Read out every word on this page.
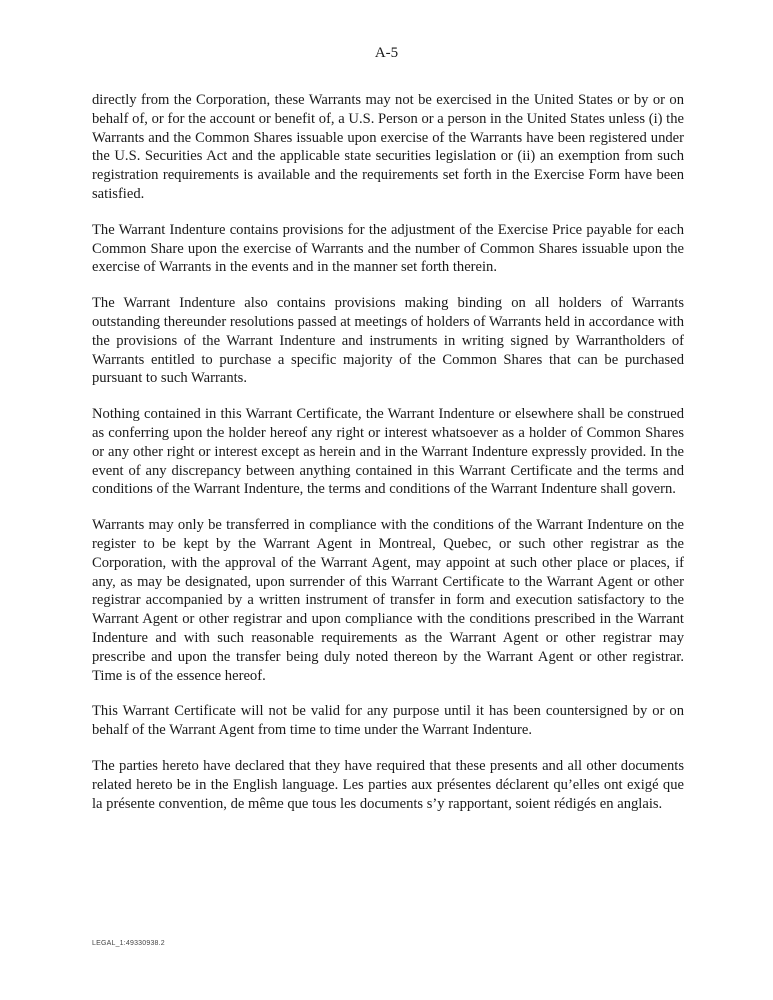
A-5

directly from the Corporation, these Warrants may not be exercised in the United States or by or on behalf of, or for the account or benefit of, a U.S. Person or a person in the United States unless (i) the Warrants and the Common Shares issuable upon exercise of the Warrants have been registered under the U.S. Securities Act and the applicable state securities legislation or (ii) an exemption from such registration requirements is available and the requirements set forth in the Exercise Form have been satisfied.

The Warrant Indenture contains provisions for the adjustment of the Exercise Price payable for each Common Share upon the exercise of Warrants and the number of Common Shares issuable upon the exercise of Warrants in the events and in the manner set forth therein.

The Warrant Indenture also contains provisions making binding on all holders of Warrants outstanding thereunder resolutions passed at meetings of holders of Warrants held in accordance with the provisions of the Warrant Indenture and instruments in writing signed by Warrantholders of Warrants entitled to purchase a specific majority of the Common Shares that can be purchased pursuant to such Warrants.

Nothing contained in this Warrant Certificate, the Warrant Indenture or elsewhere shall be construed as conferring upon the holder hereof any right or interest whatsoever as a holder of Common Shares or any other right or interest except as herein and in the Warrant Indenture expressly provided. In the event of any discrepancy between anything contained in this Warrant Certificate and the terms and conditions of the Warrant Indenture, the terms and conditions of the Warrant Indenture shall govern.

Warrants may only be transferred in compliance with the conditions of the Warrant Indenture on the register to be kept by the Warrant Agent in Montreal, Quebec, or such other registrar as the Corporation, with the approval of the Warrant Agent, may appoint at such other place or places, if any, as may be designated, upon surrender of this Warrant Certificate to the Warrant Agent or other registrar accompanied by a written instrument of transfer in form and execution satisfactory to the Warrant Agent or other registrar and upon compliance with the conditions prescribed in the Warrant Indenture and with such reasonable requirements as the Warrant Agent or other registrar may prescribe and upon the transfer being duly noted thereon by the Warrant Agent or other registrar. Time is of the essence hereof.

This Warrant Certificate will not be valid for any purpose until it has been countersigned by or on behalf of the Warrant Agent from time to time under the Warrant Indenture.

The parties hereto have declared that they have required that these presents and all other documents related hereto be in the English language. Les parties aux présentes déclarent qu’elles ont exigé que la présente convention, de même que tous les documents s’y rapportant, soient rédigés en anglais.

LEGAL_1:49330938.2
